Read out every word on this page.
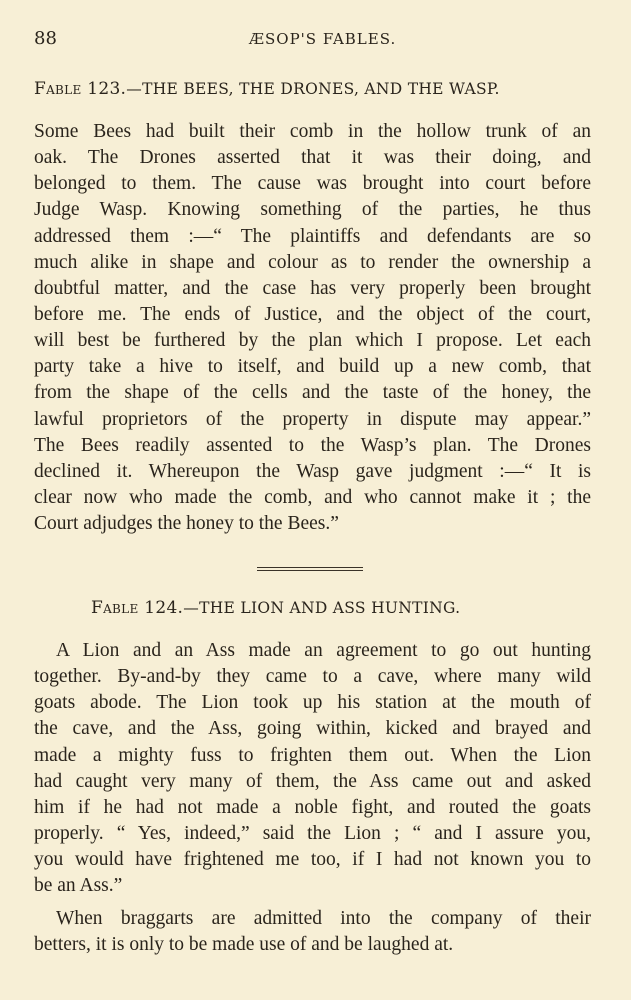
88	ÆSOP'S FABLES.
Fable 123.—THE BEES, THE DRONES, AND THE WASP.
Some Bees had built their comb in the hollow trunk of an
oak. The Drones asserted that it was their doing, and
belonged to them. The cause was brought into court before
Judge Wasp. Knowing something of the parties, he thus
addressed them :—“ The plaintiffs and defendants are so
much alike in shape and colour as to render the ownership a
doubtful matter, and the case has very properly been brought
before me. The ends of Justice, and the object of the court,
will best be furthered by the plan which I propose. Let each
party take a hive to itself, and build up a new comb, that
from the shape of the cells and the taste of the honey, the
lawful proprietors of the property in dispute may appear.”
The Bees readily assented to the Wasp’s plan. The Drones
declined it. Whereupon the Wasp gave judgment :—“ It is
clear now who made the comb, and who cannot make it ; the
Court adjudges the honey to the Bees.”
Fable 124.—THE LION AND ASS HUNTING.
A Lion and an Ass made an agreement to go out hunting
together. By-and-by they came to a cave, where many wild
goats abode. The Lion took up his station at the mouth of
the cave, and the Ass, going within, kicked and brayed and
made a mighty fuss to frighten them out. When the Lion
had caught very many of them, the Ass came out and asked
him if he had not made a noble fight, and routed the goats
properly. “ Yes, indeed,” said the Lion ; “ and I assure you,
you would have frightened me too, if I had not known you to
be an Ass.”
When braggarts are admitted into the company of their
betters, it is only to be made use of and be laughed at.
